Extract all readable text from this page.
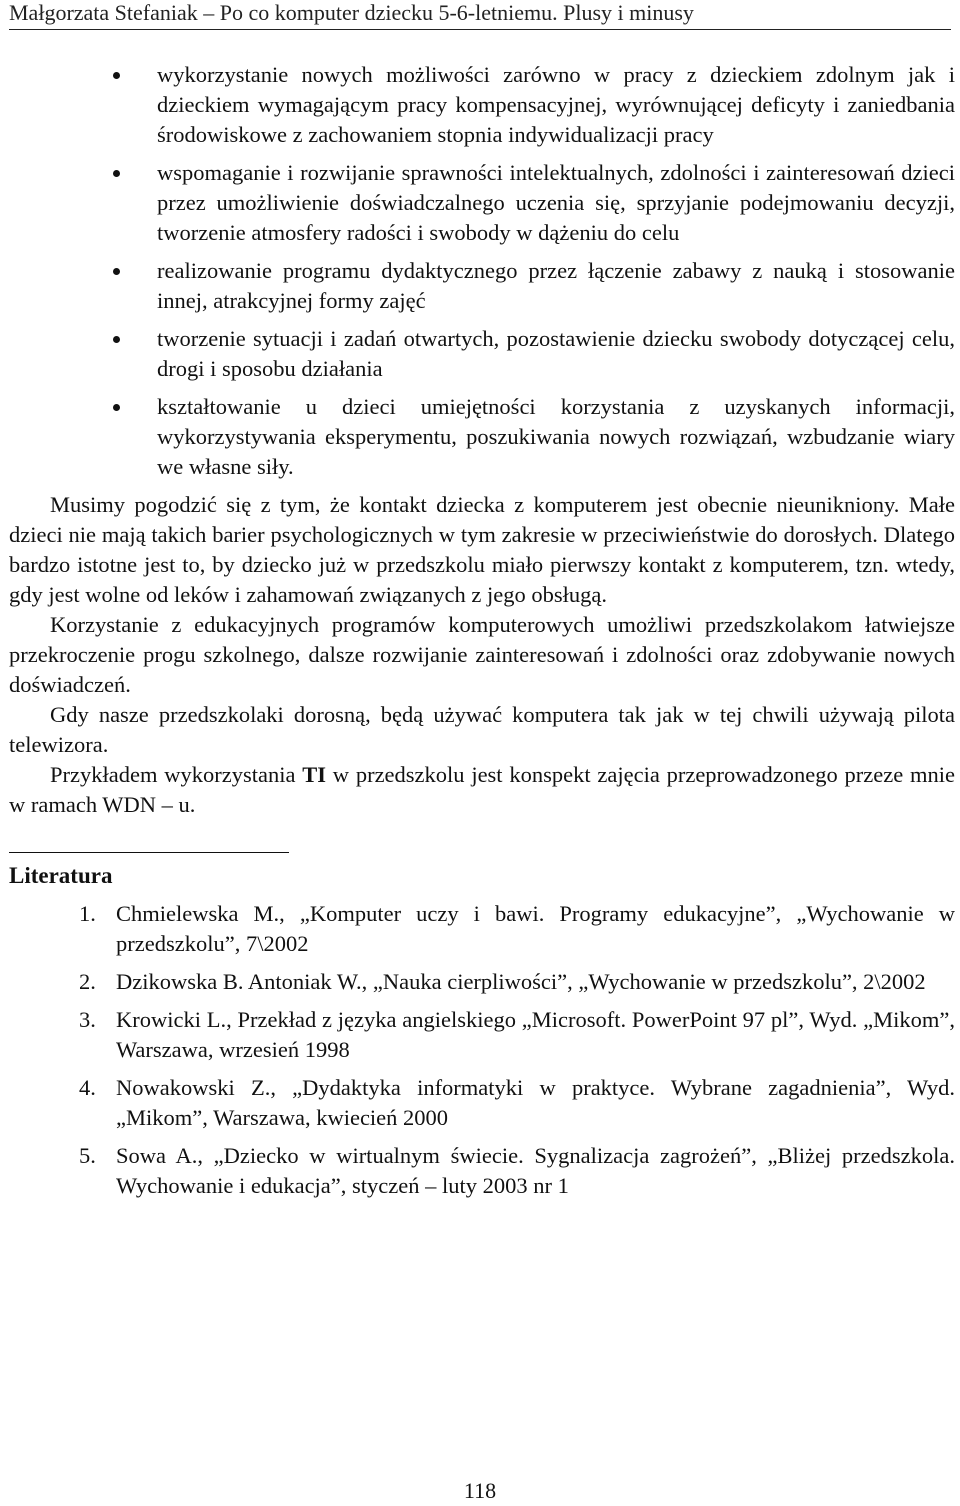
Małgorzata Stefaniak – Po co komputer dziecku 5-6-letniemu. Plusy i minusy
wykorzystanie nowych możliwości zarówno w pracy z dzieckiem zdolnym jak i dzieckiem wymagającym pracy kompensacyjnej, wyrównującej deficyty i zaniedbania środowiskowe z zachowaniem stopnia indywidualizacji pracy
wspomaganie i rozwijanie sprawności intelektualnych, zdolności i zainteresowań dzieci przez umożliwienie doświadczalnego uczenia się, sprzyjanie podejmowaniu decyzji, tworzenie atmosfery radości i swobody w dążeniu do celu
realizowanie programu dydaktycznego przez łączenie zabawy z nauką i stosowanie innej, atrakcyjnej formy zajęć
tworzenie sytuacji i zadań otwartych, pozostawienie dziecku swobody dotyczącej celu, drogi i sposobu działania
kształtowanie u dzieci umiejętności korzystania z uzyskanych informacji, wykorzystywania eksperymentu, poszukiwania nowych rozwiązań, wzbudzanie wiary we własne siły.

Musimy pogodzić się z tym, że kontakt dziecka z komputerem jest obecnie nieunikniony. Małe dzieci nie mają takich barier psychologicznych w tym zakresie w przeciwieństwie do dorosłych. Dlatego bardzo istotne jest to, by dziecko już w przedszkolu miało pierwszy kontakt z komputerem, tzn. wtedy, gdy jest wolne od leków i zahamowań związanych z jego obsługą.

Korzystanie z edukacyjnych programów komputerowych umożliwi przedszkolakom łatwiejsze przekroczenie progu szkolnego, dalsze rozwijanie zainteresowań i zdolności oraz zdobywanie nowych doświadczeń.

Gdy nasze przedszkolaki dorosną, będą używać komputera tak jak w tej chwili używają pilota telewizora.

Przykładem wykorzystania TI w przedszkolu jest konspekt zajęcia przeprowadzonego przeze mnie w ramach WDN – u.

Literatura
1. Chmielewska M., „Komputer uczy i bawi. Programy edukacyjne”, „Wychowanie w przedszkolu”, 7\2002
2. Dzikowska B. Antoniak W., „Nauka cierpliwości”, „Wychowanie w przedszkolu”, 2\2002
3. Krowicki L., Przekład z języka angielskiego „Microsoft. PowerPoint 97 pl”, Wyd. „Mikom”, Warszawa, wrzesień 1998
4. Nowakowski Z., „Dydaktyka informatyki w praktyce. Wybrane zagadnienia”, Wyd. „Mikom”, Warszawa, kwiecień 2000
5. Sowa A., „Dziecko w wirtualnym świecie. Sygnalizacja zagrożeń”, „Bliżej przedszkola. Wychowanie i edukacja”, styczeń – luty 2003 nr 1
118
